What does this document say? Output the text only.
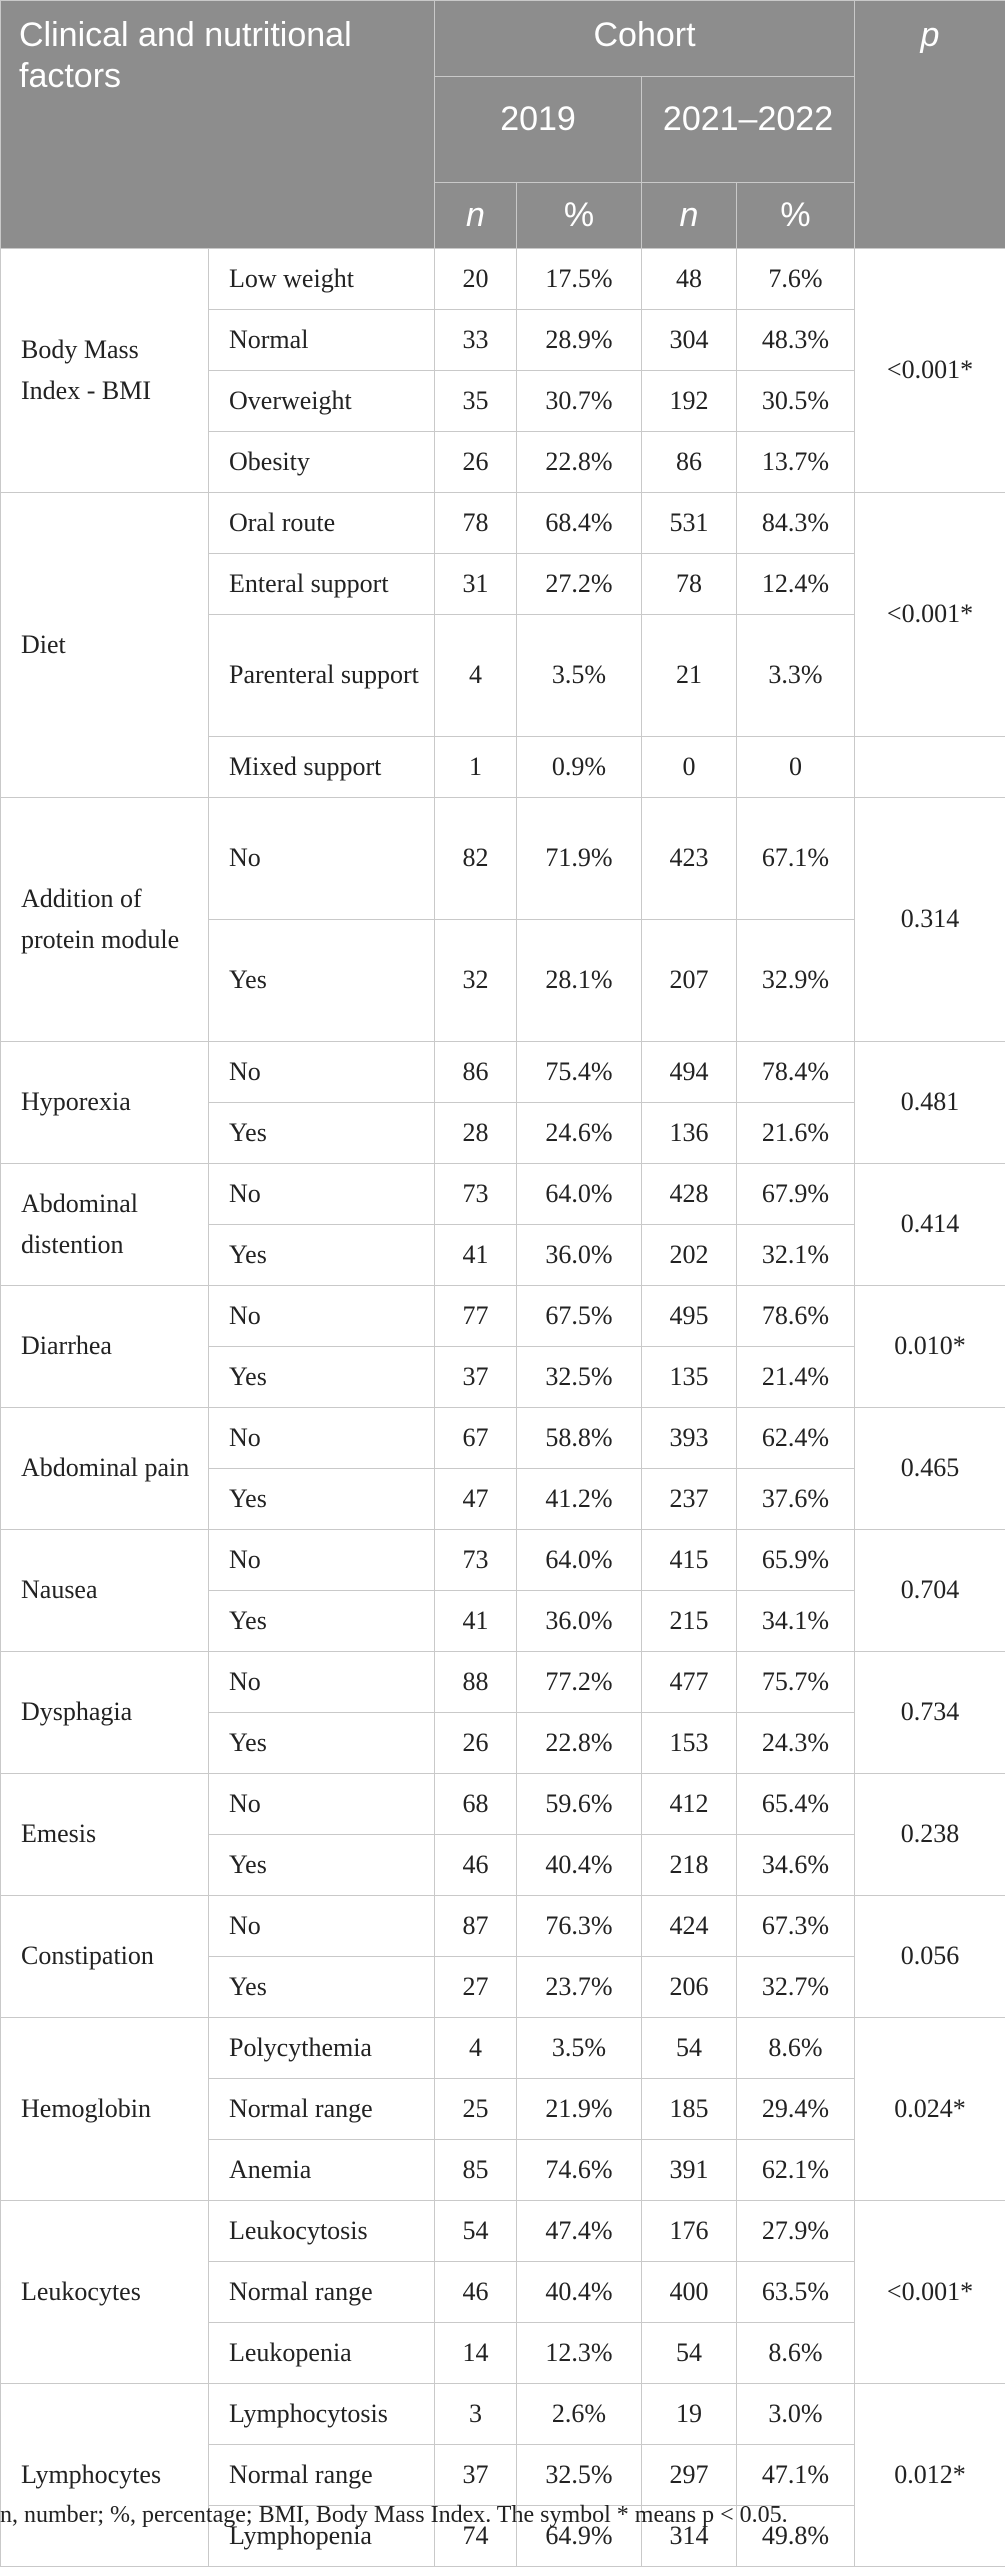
Clinical and nutritional factors		Cohort				p
		2019		2021–2022		
		n	%	n	%	
Body Mass Index - BMI	Low weight	20	17.5%	48	7.6%	<0.001*
	Normal	33	28.9%	304	48.3%	
	Overweight	35	30.7%	192	30.5%	
	Obesity	26	22.8%	86	13.7%	
Diet	Oral route	78	68.4%	531	84.3%	<0.001*
	Enteral support	31	27.2%	78	12.4%	
	Parenteral support	4	3.5%	21	3.3%	
	Mixed support	1	0.9%	0	0	
Addition of protein module	No	82	71.9%	423	67.1%	0.314
	Yes	32	28.1%	207	32.9%	
Hyporexia	No	86	75.4%	494	78.4%	0.481
	Yes	28	24.6%	136	21.6%	
Abdominal distention	No	73	64.0%	428	67.9%	0.414
	Yes	41	36.0%	202	32.1%	
Diarrhea	No	77	67.5%	495	78.6%	0.010*
	Yes	37	32.5%	135	21.4%	
Abdominal pain	No	67	58.8%	393	62.4%	0.465
	Yes	47	41.2%	237	37.6%	
Nausea	No	73	64.0%	415	65.9%	0.704
	Yes	41	36.0%	215	34.1%	
Dysphagia	No	88	77.2%	477	75.7%	0.734
	Yes	26	22.8%	153	24.3%	
Emesis	No	68	59.6%	412	65.4%	0.238
	Yes	46	40.4%	218	34.6%	
Constipation	No	87	76.3%	424	67.3%	0.056
	Yes	27	23.7%	206	32.7%	
Hemoglobin	Polycythemia	4	3.5%	54	8.6%	0.024*
	Normal range	25	21.9%	185	29.4%	
	Anemia	85	74.6%	391	62.1%	
Leukocytes	Leukocytosis	54	47.4%	176	27.9%	<0.001*
	Normal range	46	40.4%	400	63.5%	
	Leukopenia	14	12.3%	54	8.6%	
Lymphocytes	Lymphocytosis	3	2.6%	19	3.0%	0.012*
	Normal range	37	32.5%	297	47.1%	
	Lymphopenia	74	64.9%	314	49.8%	
n, number; %, percentage; BMI, Body Mass Index. The symbol * means p < 0.05.
